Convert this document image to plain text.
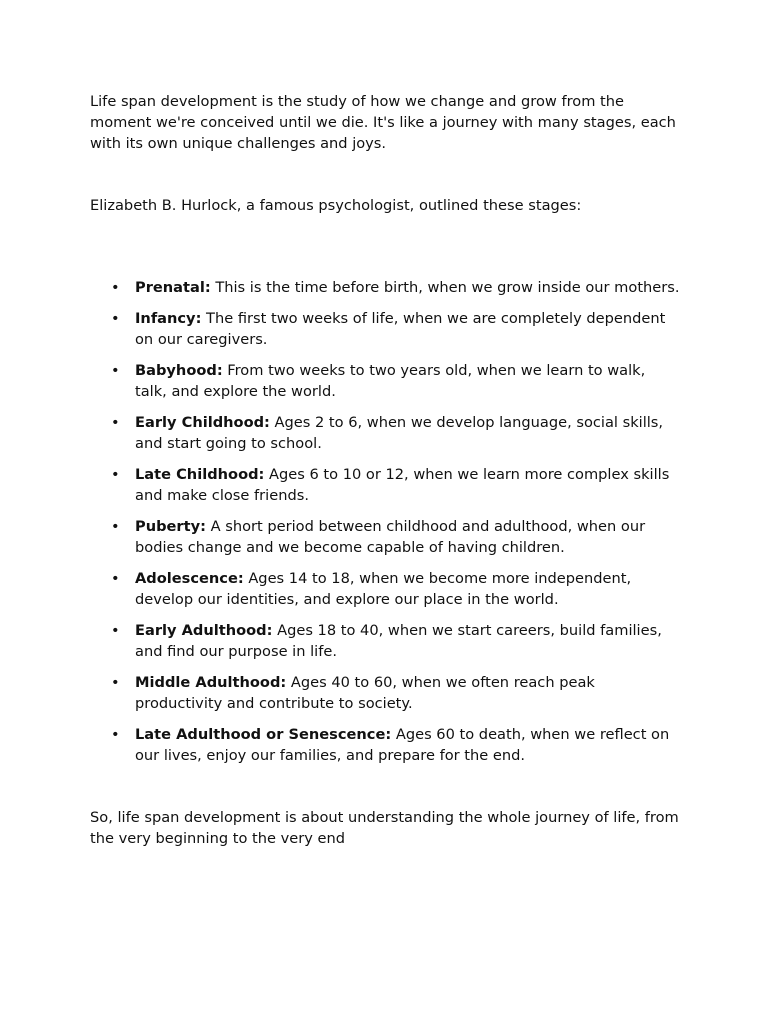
Life span development is the study of how we change and grow from the moment we're conceived until we die. It's like a journey with many stages, each with its own unique challenges and joys.

Elizabeth B. Hurlock, a famous psychologist, outlined these stages:

• Prenatal: This is the time before birth, when we grow inside our mothers.
• Infancy: The first two weeks of life, when we are completely dependent on our caregivers.
• Babyhood: From two weeks to two years old, when we learn to walk, talk, and explore the world.
• Early Childhood: Ages 2 to 6, when we develop language, social skills, and start going to school.
• Late Childhood: Ages 6 to 10 or 12, when we learn more complex skills and make close friends.
• Puberty: A short period between childhood and adulthood, when our bodies change and we become capable of having children.
• Adolescence: Ages 14 to 18, when we become more independent, develop our identities, and explore our place in the world.
• Early Adulthood: Ages 18 to 40, when we start careers, build families, and find our purpose in life.
• Middle Adulthood: Ages 40 to 60, when we often reach peak productivity and contribute to society.
• Late Adulthood or Senescence: Ages 60 to death, when we reflect on our lives, enjoy our families, and prepare for the end.

So, life span development is about understanding the whole journey of life, from the very beginning to the very end
